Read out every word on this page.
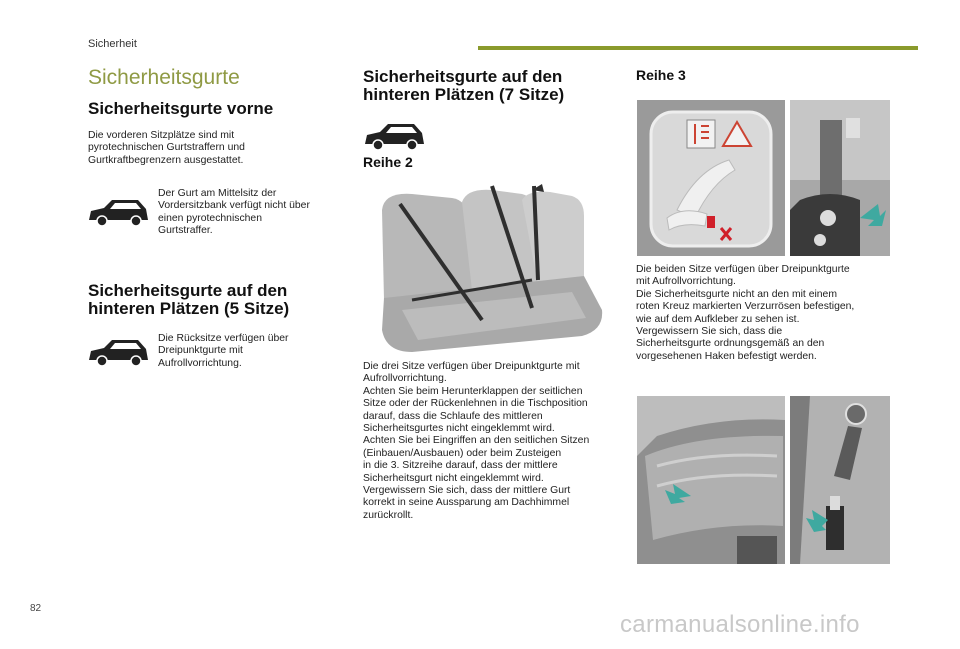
Sicherheit
Sicherheitsgurte
Sicherheitsgurte vorne

Die vorderen Sitzplätze sind mit pyrotechnischen Gurtstraffern und Gurtkraftbegrenzern ausgestattet.

Der Gurt am Mittelsitz der Vordersitzbank verfügt nicht über einen pyrotechnischen Gurtstraffer.

Sicherheitsgurte auf den hinteren Plätzen (5 Sitze)

Die Rücksitze verfügen über Dreipunktgurte mit Aufrollvorrichtung.

Sicherheitsgurte auf den hinteren Plätzen (7 Sitze)
Reihe 2

Die drei Sitze verfügen über Dreipunktgurte mit

Aufrollvorrichtung.

Achten Sie beim Herunterklappen der seitlichen

Sitze oder der Rückenlehnen in die Tischposition

darauf, dass die Schlaufe des mittleren

Sicherheitsgurtes nicht eingeklemmt wird.

Achten Sie bei Eingriffen an den seitlichen Sitzen

(Einbauen/Ausbauen) oder beim Zusteigen

in die 3. Sitzreihe darauf, dass der mittlere

Sicherheitsgurt nicht eingeklemmt wird.

Vergewissern Sie sich, dass der mittlere Gurt

korrekt in seine Aussparung am Dachhimmel

zurückrollt.

Reihe 3

Die beiden Sitze verfügen über Dreipunktgurte

mit Aufrollvorrichtung.

Die Sicherheitsgurte nicht an den mit einem

roten Kreuz markierten Verzurrösen befestigen,

wie auf dem Aufkleber zu sehen ist.

Vergewissern Sie sich, dass die

Sicherheitsgurte ordnungsgemäß an den

vorgesehenen Haken befestigt werden.

82
carmanualsonline.info
